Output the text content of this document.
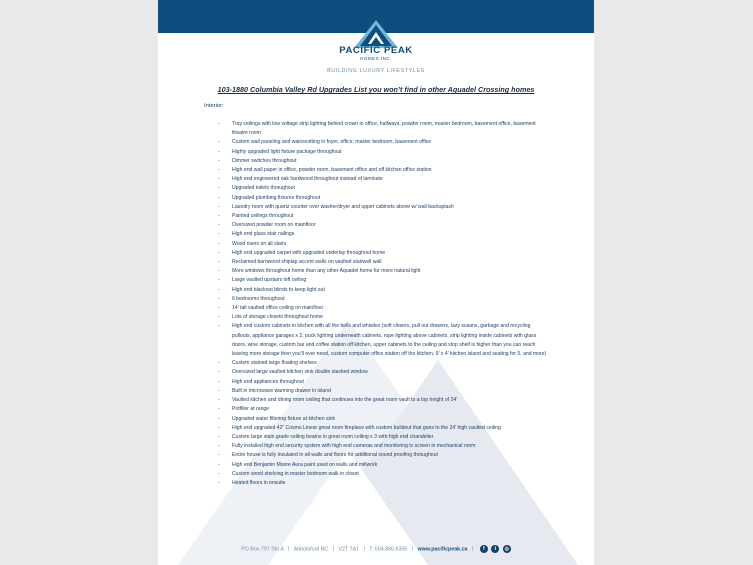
PACIFIC PEAK
HOMES INC.
BUILDING LUXURY LIFESTYLES
103-1880 Columbia Valley Rd Upgrades List you won’t find in other Aquadel Crossing homes
Interior:
- Tray ceilings with low voltage strip lighting behind crown in office, hallways, powder room, master bedroom, basement office, basement theatre room
- Custom wall paneling and wainscotting in foyer, office, master bedroom, basement office
- Highly upgraded light fixture package throughout
- Dimmer switches throughout
- High end wall paper in office, powder room, basement office and off kitchen office station
- High end engineered oak hardwood throughout instead of laminate
- Upgraded toilets throughout
- Upgraded plumbing fixtures throughout
- Laundry room with quartz counter over washer/dryer and upper cabinets above w/ wall backsplash
- Painted ceilings throughout
- Oversized powder room on mainfloor
- High end glass stair railings
- Wood risers on all stairs
- High end upgraded carpet with upgraded underlay throughout home
- Reclaimed barnwood shiplap accent walls on vaulted stairwell wall
- More windows throughout home than any other Aquadel home for more natural light
- Large vaulted upstairs loft ceiling
- High end blackout blinds to keep light out
- 6 bedrooms throughout
- 14’ tall vaulted office ceiling on mainfloor
- Lots of storage closets throughout home
- High end custom cabinets in kitchen with all the bells and whistles (soft closers, pull out drawers, lazy susans, garbage and recycling pullouts, appliance garages x 2, puck lighting underneath cabinets, rope lighting above cabinets, strip lighting inside cabinets with glass doors, wine storage, custom bar and coffee station off kitchen, upper cabinets to the ceiling and stop shelf is higher than you can reach leaving more storage then you’ll ever need, custom computer office station off the kitchen, 9’ x 4’ kitchen island and seating for 5, and more)
- Custom stained large floating shelves
- Oversized large vaulted kitchen sink double stacked window
- High end appliances throughout
- Built in microwave warming drawer in island
- Vaulted kitchen and dining room ceiling that continues into the great room vault to a top height of 24’
- Potfiller at range
- Upgraded water filtering fixture at kitchen sink
- High end upgraded 42” Cosmo Linear great room fireplace with custom buildout that goes to the 24’ high vaulted ceiling
- Custom large stain grade ceiling beams in great room ceiling x 3 with high end chandelier
- Fully installed high end security system with high end cameras and monitoring tv screen in mechanical room
- Entire house is fully insulated in all walls and floors for additional sound proofing throughout
- High end Benjamin Moore Aura paint used on walls and millwork
- Custom wood shelving in master bedroom walk in closet
- Heated floors in ensuite
PO Box 797 Stn A | Abbotsford BC | V2T 7A1 | T: 604.866.6355 | www.pacificpeak.ca | f t ◎
